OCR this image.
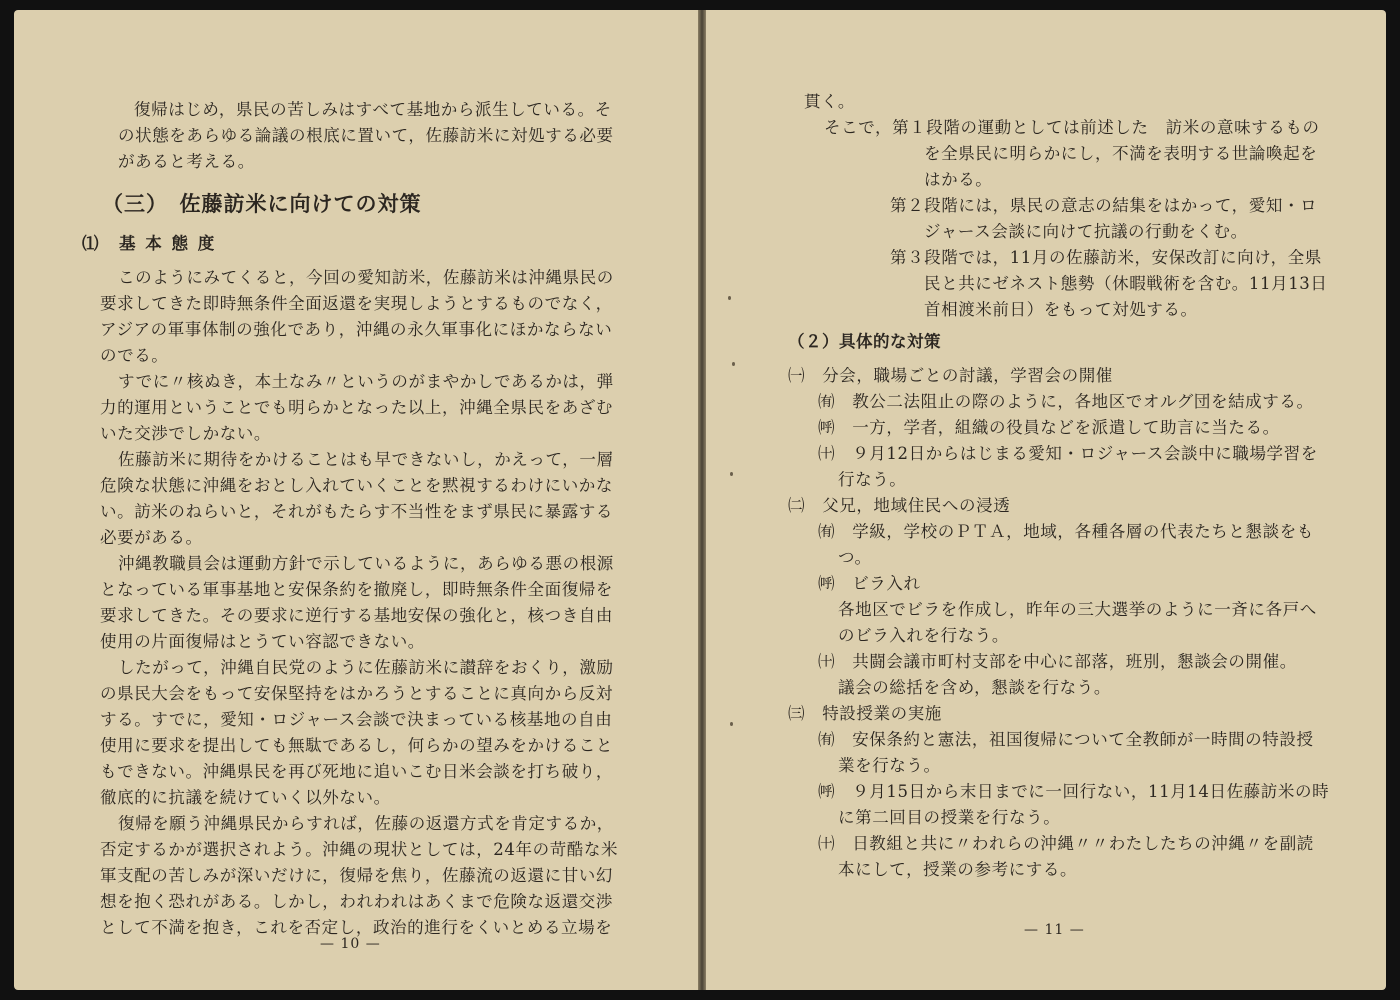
復帰はじめ，県民の苦しみはすべて基地から派生している。そ
の状態をあらゆる論議の根底に置いて，佐藤訪米に対処する必要
があると考える。
（三）　佐藤訪米に向けての対策
⑴　基 本 態 度
このようにみてくると，今回の愛知訪米，佐藤訪米は沖縄県民の
要求してきた即時無条件全面返還を実現しようとするものでなく，
アジアの軍事体制の強化であり，沖縄の永久軍事化にほかならない
のでる。
すでに〃核ぬき，本土なみ〃というのがまやかしであるかは，弾
力的運用ということでも明らかとなった以上，沖縄全県民をあざむ
いた交渉でしかない。
佐藤訪米に期待をかけることはも早できないし，かえって，一層
危険な状態に沖縄をおとし入れていくことを黙視するわけにいかな
い。訪米のねらいと，それがもたらす不当性をまず県民に暴露する
必要がある。
沖縄教職員会は運動方針で示しているように，あらゆる悪の根源
となっている軍事基地と安保条約を撤廃し，即時無条件全面復帰を
要求してきた。その要求に逆行する基地安保の強化と，核つき自由
使用の片面復帰はとうてい容認できない。
したがって，沖縄自民党のように佐藤訪米に讃辞をおくり，激励
の県民大会をもって安保堅持をはかろうとすることに真向から反対
する。すでに，愛知・ロジャース会談で決まっている核基地の自由
使用に要求を提出しても無駄であるし，何らかの望みをかけること
もできない。沖縄県民を再び死地に追いこむ日米会談を打ち破り，
徹底的に抗議を続けていく以外ない。
復帰を願う沖縄県民からすれば，佐藤の返還方式を肯定するか，
否定するかが選択されよう。沖縄の現状としては，24年の苛酷な米
軍支配の苦しみが深いだけに，復帰を焦り，佐藤流の返還に甘い幻
想を抱く恐れがある。しかし，われわれはあくまで危険な返還交渉
として不満を抱き，これを否定し，政治的進行をくいとめる立場を
— 10 —
貫く。
そこで，第１段階の運動としては前述した　訪米の意味するもの
を全県民に明らかにし，不満を表明する世論喚起を
はかる。
第２段階には，県民の意志の結集をはかって，愛知・ロ
ジャース会談に向けて抗議の行動をくむ。
第３段階では，11月の佐藤訪米，安保改訂に向け，全県
民と共にゼネスト態勢（休暇戦術を含む。11月13日
首相渡米前日）をもって対処する。
（２）具体的な対策
㈠　分会，職場ごとの討議，学習会の開催
㈲　教公二法阻止の際のように，各地区でオルグ団を結成する。
㈺　一方，学者，組織の役員などを派遣して助言に当たる。
㈩　９月12日からはじまる愛知・ロジャース会談中に職場学習を
行なう。
㈡　父兄，地域住民への浸透
㈲　学級，学校のＰＴＡ，地域，各種各層の代表たちと懇談をも
つ。
㈺　ビラ入れ
各地区でビラを作成し，昨年の三大選挙のように一斉に各戸へ
のビラ入れを行なう。
㈩　共闘会議市町村支部を中心に部落，班別，懇談会の開催。
議会の総括を含め，懇談を行なう。
㈢　特設授業の実施
㈲　安保条約と憲法，祖国復帰について全教師が一時間の特設授
業を行なう。
㈺　９月15日から末日までに一回行ない，11月14日佐藤訪米の時
に第二回目の授業を行なう。
㈩　日教組と共に〃われらの沖縄〃〃わたしたちの沖縄〃を副読
本にして，授業の参考にする。
— 11 —
